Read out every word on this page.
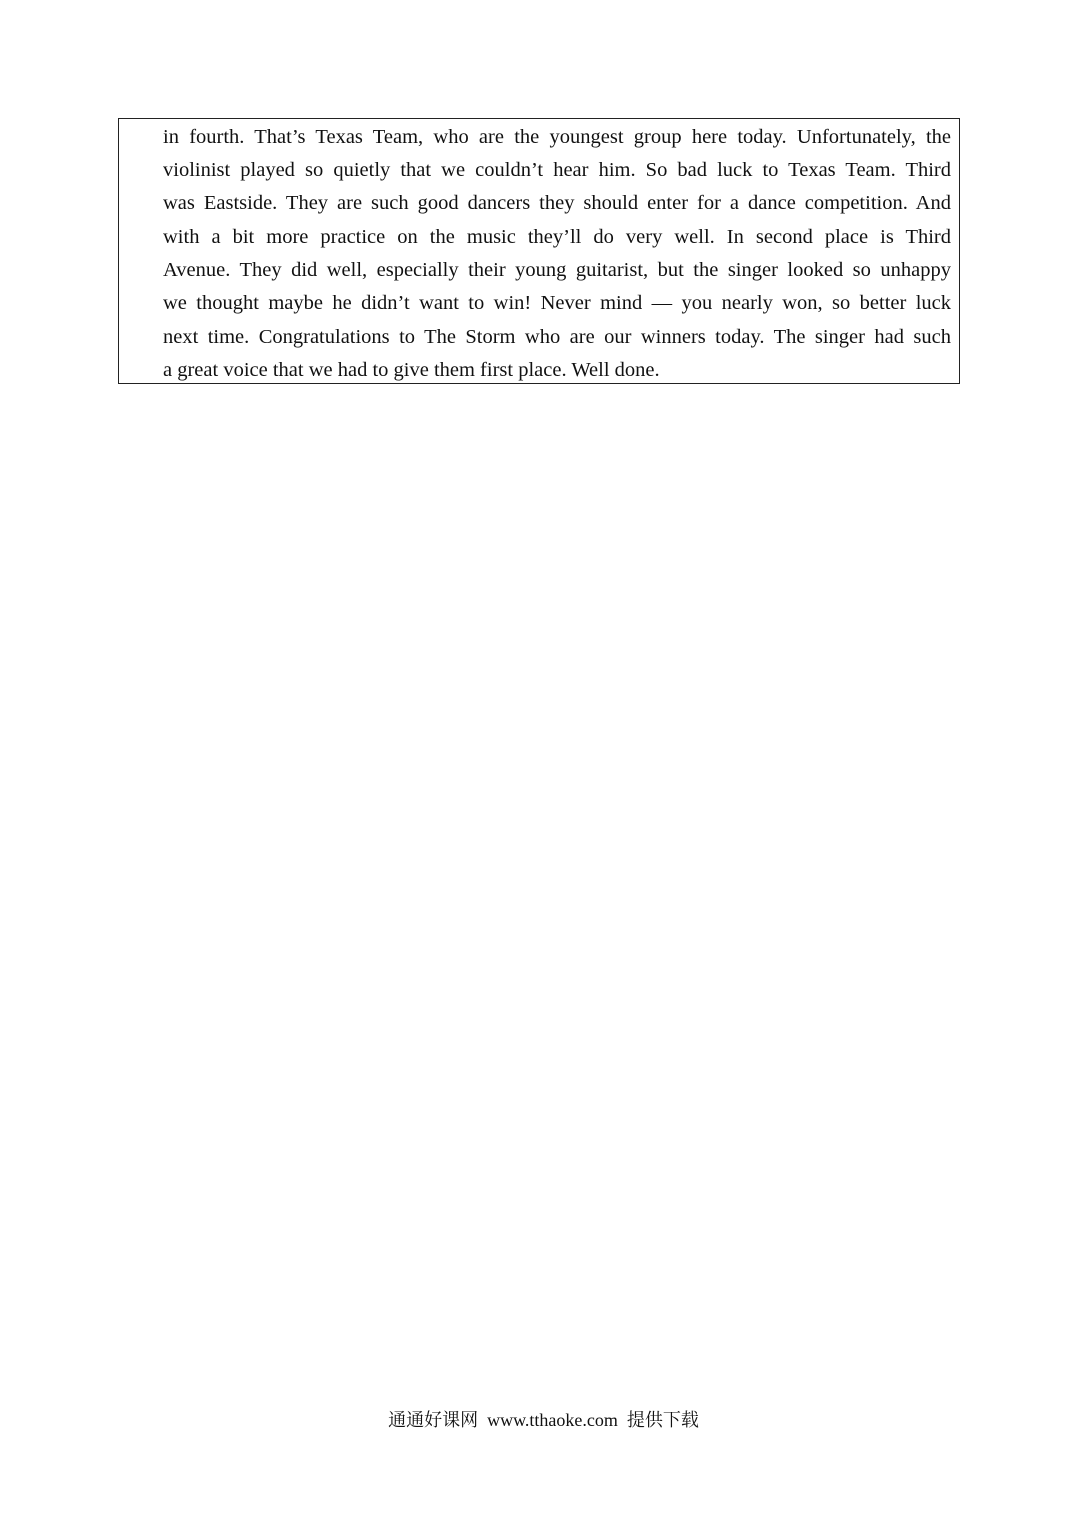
in fourth. That’s Texas Team, who are the youngest group here today. Unfortunately, the
violinist played so quietly that we couldn’t hear him. So bad luck to Texas Team. Third
was Eastside. They are such good dancers they should enter for a dance competition. And
with a bit more practice on the music they’ll do very well. In second place is Third
Avenue. They did well, especially their young guitarist, but the singer looked so unhappy
we thought maybe he didn’t want to win! Never mind — you nearly won, so better luck
next time. Congratulations to The Storm who are our winners today. The singer had such
a great voice that we had to give them first place. Well done.
通通好课网  www.tthaoke.com  提供下载
